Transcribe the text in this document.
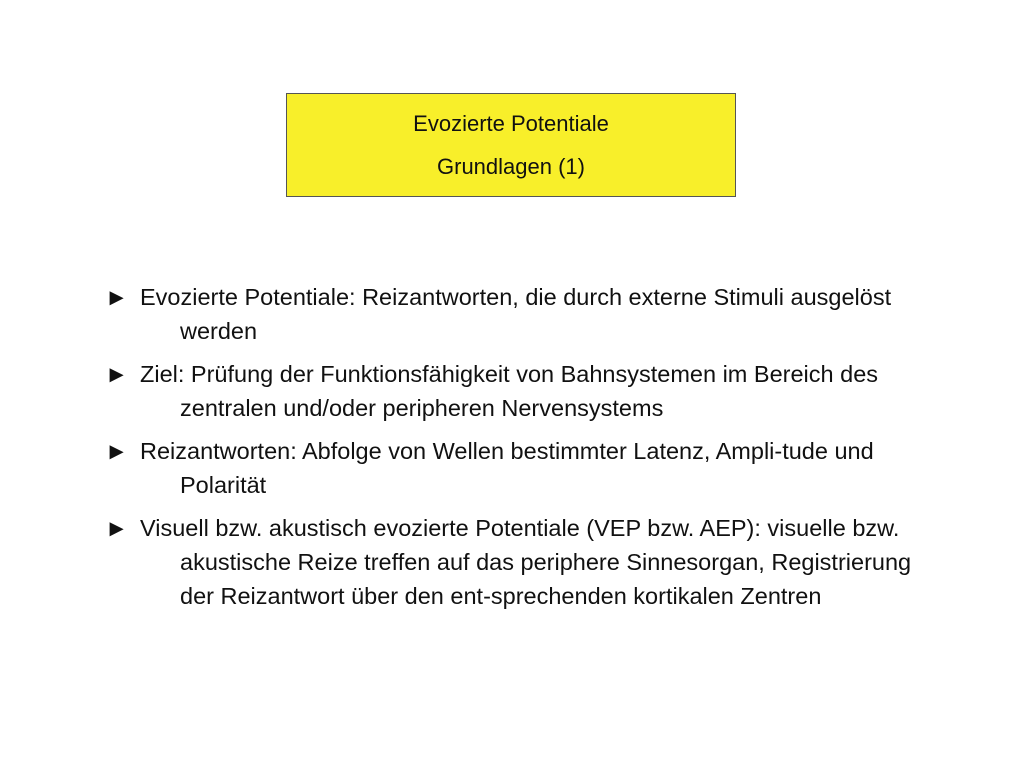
Evozierte Potentiale
Grundlagen (1)
► Evozierte Potentiale: Reizantworten, die durch externe Stimuli ausgelöst werden
► Ziel: Prüfung der Funktionsfähigkeit von Bahnsystemen im Bereich des zentralen und/oder peripheren Nervensystems
► Reizantworten: Abfolge von Wellen bestimmter Latenz, Ampli-tude und Polarität
► Visuell bzw. akustisch evozierte Potentiale (VEP bzw. AEP): visuelle bzw. akustische Reize treffen auf das periphere Sinnesorgan, Registrierung der Reizantwort über den ent-sprechenden kortikalen Zentren
